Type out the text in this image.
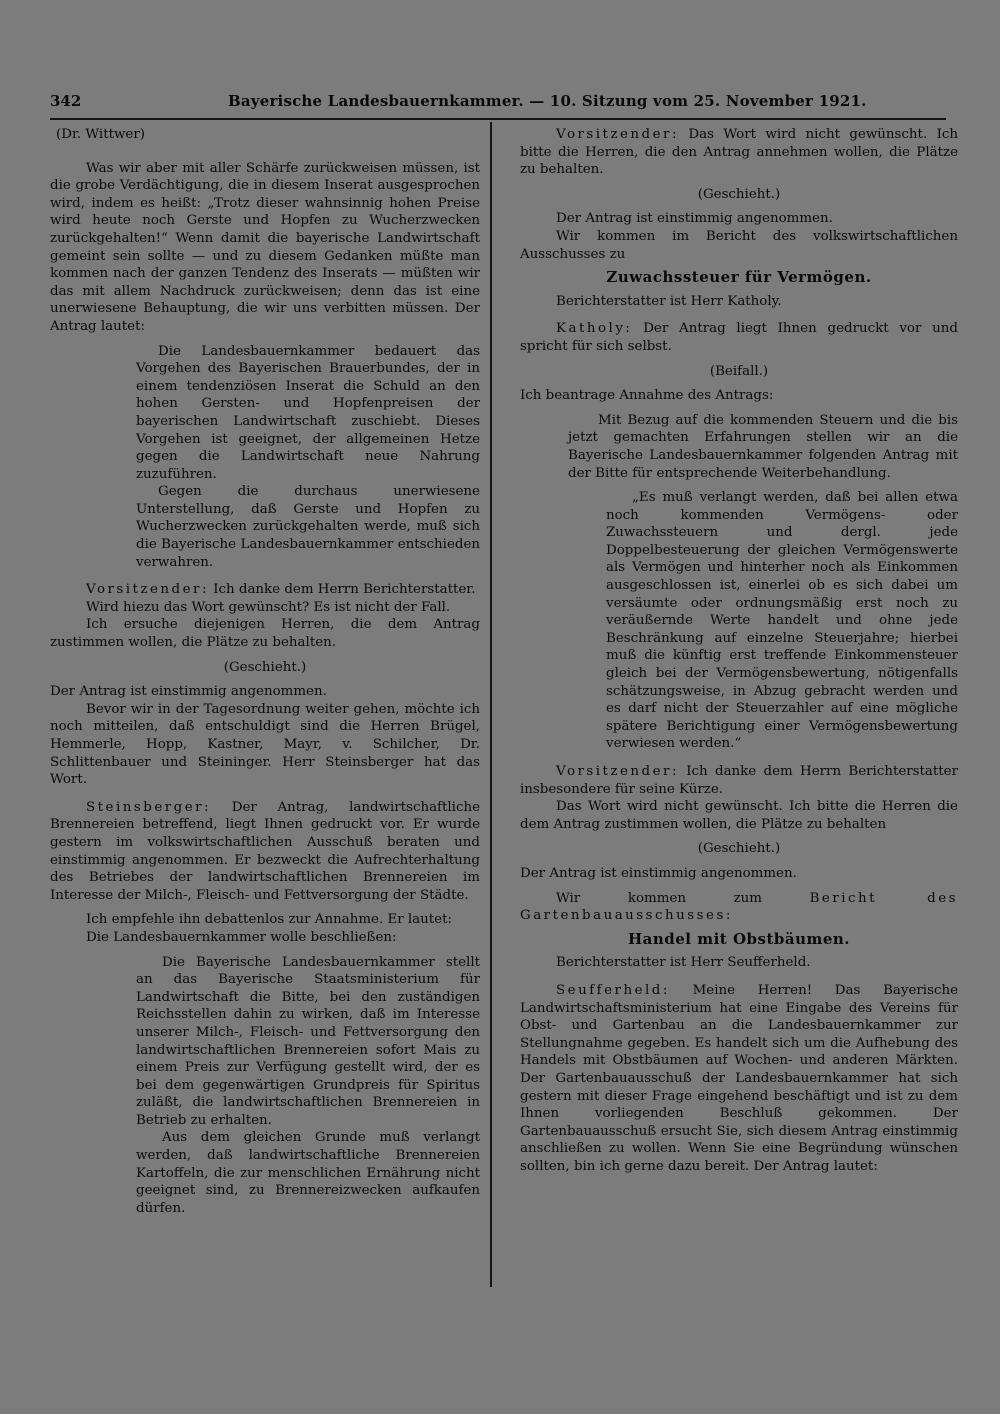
342	Bayerische Landesbauernkammer. — 10. Sitzung vom 25. November 1921.

(Dr. Wittwer)

Was wir aber mit aller Schärfe zurückweisen müssen, ist die grobe Verdächtigung, die in diesem Inserat ausgesprochen wird, indem es heißt: „Trotz dieser wahnsinnig hohen Preise wird heute noch Gerste und Hopfen zu Wucherzwecken zurückgehalten!“ Wenn damit die bayerische Landwirtschaft gemeint sein sollte — und zu diesem Gedanken müßte man kommen nach der ganzen Tendenz des Inserats — müßten wir das mit allem Nachdruck zurückweisen; denn das ist eine unerwiesene Behauptung, die wir uns verbitten müssen. Der Antrag lautet:

Die Landesbauernkammer bedauert das Vorgehen des Bayerischen Brauerbundes, der in einem tendenziösen Inserat die Schuld an den hohen Gersten- und Hopfenpreisen der bayerischen Landwirtschaft zuschiebt. Dieses Vorgehen ist geeignet, der allgemeinen Hetze gegen die Landwirtschaft neue Nahrung zuzuführen.

Gegen die durchaus unerwiesene Unterstellung, daß Gerste und Hopfen zu Wucherzwecken zurückgehalten werde, muß sich die Bayerische Landesbauernkammer entschieden verwahren.

Vorsitzender: Ich danke dem Herrn Berichterstatter.

Wird hiezu das Wort gewünscht? Es ist nicht der Fall.

Ich ersuche diejenigen Herren, die dem Antrag zustimmen wollen, die Plätze zu behalten.

(Geschieht.)

Der Antrag ist einstimmig angenommen.

Bevor wir in der Tagesordnung weiter gehen, möchte ich noch mitteilen, daß entschuldigt sind die Herren Brügel, Hemmerle, Hopp, Kastner, Mayr, v. Schilcher, Dr. Schlittenbauer und Steininger. Herr Steinsberger hat das Wort.

Steinsberger: Der Antrag, landwirtschaftliche Brennereien betreffend, liegt Ihnen gedruckt vor. Er wurde gestern im volkswirtschaftlichen Ausschuß beraten und einstimmig angenommen. Er bezweckt die Aufrechterhaltung des Betriebes der landwirtschaftlichen Brennereien im Interesse der Milch-, Fleisch- und Fettversorgung der Städte.

Ich empfehle ihn debattenlos zur Annahme. Er lautet:

Die Landesbauernkammer wolle beschließen:

Die Bayerische Landesbauernkammer stellt an das Bayerische Staatsministerium für Landwirtschaft die Bitte, bei den zuständigen Reichsstellen dahin zu wirken, daß im Interesse unserer Milch-, Fleisch- und Fettversorgung den landwirtschaftlichen Brennereien sofort Mais zu einem Preis zur Verfügung gestellt wird, der es bei dem gegenwärtigen Grundpreis für Spiritus zuläßt, die landwirtschaftlichen Brennereien in Betrieb zu erhalten.

Aus dem gleichen Grunde muß verlangt werden, daß landwirtschaftliche Brennereien Kartoffeln, die zur menschlichen Ernährung nicht geeignet sind, zu Brennereizwecken aufkaufen dürfen.

Vorsitzender: Das Wort wird nicht gewünscht. Ich bitte die Herren, die den Antrag annehmen wollen, die Plätze zu behalten.

(Geschieht.)

Der Antrag ist einstimmig angenommen.

Wir kommen im Bericht des volkswirtschaftlichen Ausschusses zu

Zuwachssteuer für Vermögen.

Berichterstatter ist Herr Katholy.

Katholy: Der Antrag liegt Ihnen gedruckt vor und spricht für sich selbst.

(Beifall.)

Ich beantrage Annahme des Antrags:

Mit Bezug auf die kommenden Steuern und die bis jetzt gemachten Erfahrungen stellen wir an die Bayerische Landesbauernkammer folgenden Antrag mit der Bitte für entsprechende Weiterbehandlung.

„Es muß verlangt werden, daß bei allen etwa noch kommenden Vermögens- oder Zuwachssteuern und dergl. jede Doppelbesteuerung der gleichen Vermögenswerte als Vermögen und hinterher noch als Einkommen ausgeschlossen ist, einerlei ob es sich dabei um versäumte oder ordnungsmäßig erst noch zu veräußernde Werte handelt und ohne jede Beschränkung auf einzelne Steuerjahre; hierbei muß die künftig erst treffende Einkommensteuer gleich bei der Vermögensbewertung, nötigenfalls schätzungsweise, in Abzug gebracht werden und es darf nicht der Steuerzahler auf eine mögliche spätere Berichtigung einer Vermögensbewertung verwiesen werden.“

Vorsitzender: Ich danke dem Herrn Berichterstatter insbesondere für seine Kürze.

Das Wort wird nicht gewünscht. Ich bitte die Herren die dem Antrag zustimmen wollen, die Plätze zu behalten

(Geschieht.)

Der Antrag ist einstimmig angenommen.

Wir kommen zum Bericht des Gartenbauausschusses:

Handel mit Obstbäumen.

Berichterstatter ist Herr Seufferheld.

Seufferheld: Meine Herren! Das Bayerische Landwirtschaftsministerium hat eine Eingabe des Vereins für Obst- und Gartenbau an die Landesbauernkammer zur Stellungnahme gegeben. Es handelt sich um die Aufhebung des Handels mit Obstbäumen auf Wochen- und anderen Märkten. Der Gartenbauausschuß der Landesbauernkammer hat sich gestern mit dieser Frage eingehend beschäftigt und ist zu dem Ihnen vorliegenden Beschluß gekommen. Der Gartenbauausschuß ersucht Sie, sich diesem Antrag einstimmig anschließen zu wollen. Wenn Sie eine Begründung wünschen sollten, bin ich gerne dazu bereit. Der Antrag lautet:
